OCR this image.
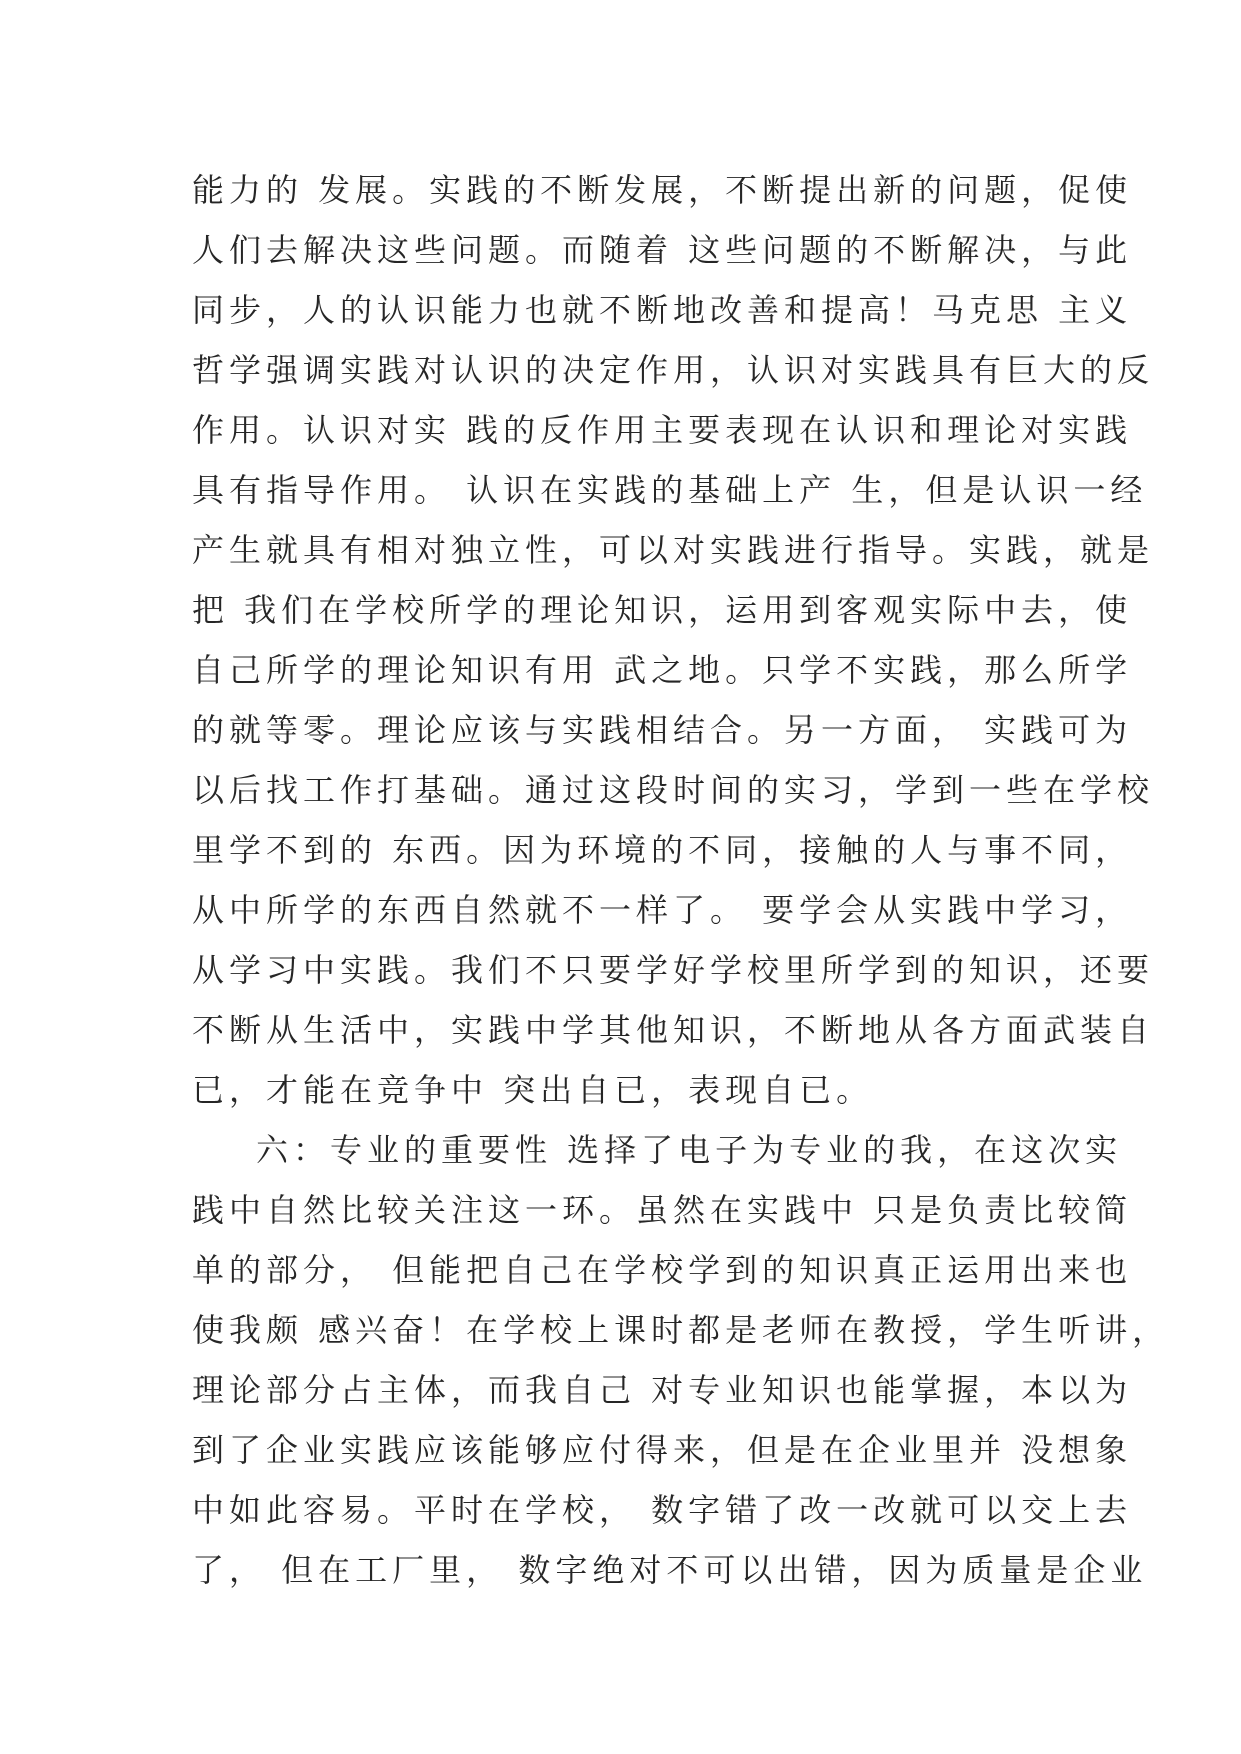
能力的 发展。实践的不断发展，不断提出新的问题，促使
人们去解决这些问题。而随着 这些问题的不断解决，与此
同步，人的认识能力也就不断地改善和提高！马克思 主义
哲学强调实践对认识的决定作用，认识对实践具有巨大的反
作用。认识对实 践的反作用主要表现在认识和理论对实践
具有指导作用。 认识在实践的基础上产 生，但是认识一经
产生就具有相对独立性，可以对实践进行指导。实践，就是
把 我们在学校所学的理论知识，运用到客观实际中去，使
自己所学的理论知识有用 武之地。只学不实践，那么所学
的就等零。理论应该与实践相结合。另一方面， 实践可为
以后找工作打基础。通过这段时间的实习，学到一些在学校
里学不到的 东西。因为环境的不同，接触的人与事不同，
从中所学的东西自然就不一样了。 要学会从实践中学习，
从学习中实践。我们不只要学好学校里所学到的知识，还要
不断从生活中，实践中学其他知识，不断地从各方面武装自
已，才能在竞争中 突出自已，表现自已。
六：专业的重要性 选择了电子为专业的我，在这次实
践中自然比较关注这一环。虽然在实践中 只是负责比较简
单的部分， 但能把自己在学校学到的知识真正运用出来也
使我颇 感兴奋！在学校上课时都是老师在教授，学生听讲，
理论部分占主体，而我自己 对专业知识也能掌握，本以为
到了企业实践应该能够应付得来，但是在企业里并 没想象
中如此容易。平时在学校， 数字错了改一改就可以交上去
了， 但在工厂里， 数字绝对不可以出错，因为质量是企业
